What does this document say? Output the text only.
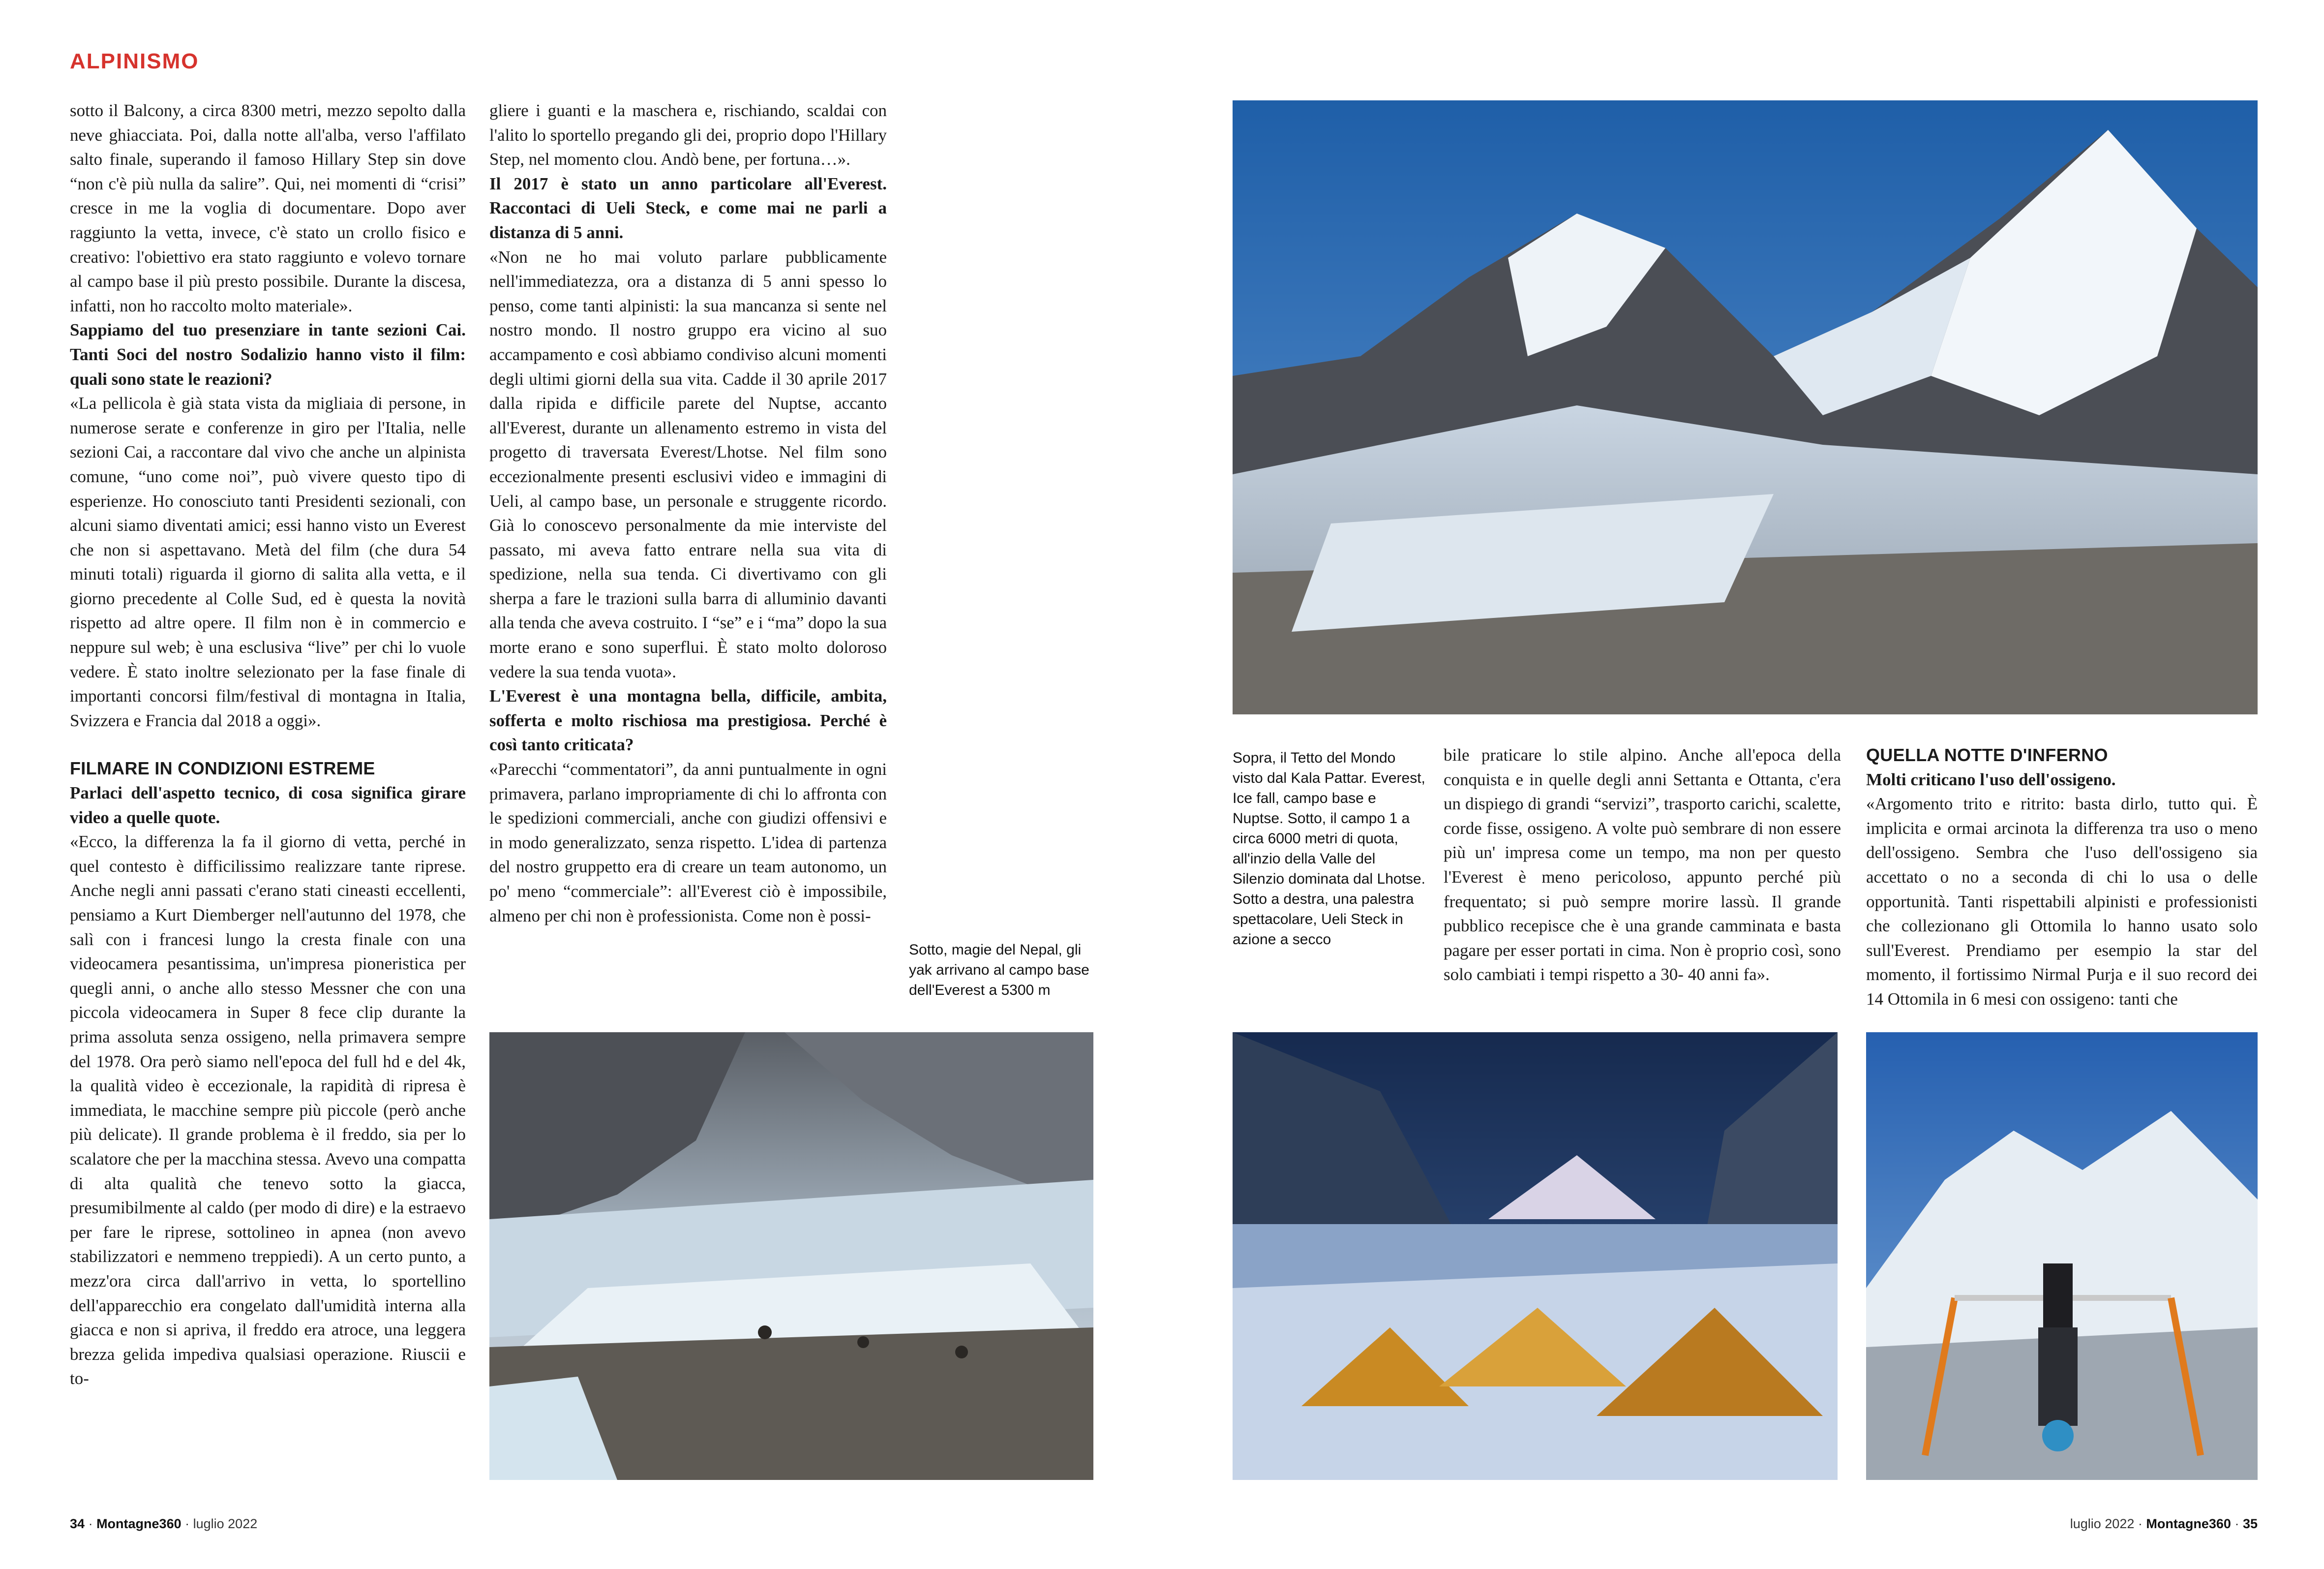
ALPINISMO

sotto il Balcony, a circa 8300 metri, mezzo sepolto dalla neve ghiacciata. Poi, dalla notte all'alba, verso l'affilato salto finale, superando il famoso Hillary Step sin dove “non c'è più nulla da salire”. Qui, nei momenti di “crisi” cresce in me la voglia di documentare. Dopo aver raggiunto la vetta, invece, c'è stato un crollo fisico e creativo: l'obiettivo era stato raggiunto e volevo tornare al campo base il più presto possibile. Durante la discesa, infatti, non ho raccolto molto materiale».

Sappiamo del tuo presenziare in tante sezioni Cai. Tanti Soci del nostro Sodalizio hanno visto il film: quali sono state le reazioni?

«La pellicola è già stata vista da migliaia di persone, in numerose serate e conferenze in giro per l'Italia, nelle sezioni Cai, a raccontare dal vivo che anche un alpinista comune, “uno come noi”, può vivere questo tipo di esperienze. Ho conosciuto tanti Presidenti sezionali, con alcuni siamo diventati amici; essi hanno visto un Everest che non si aspettavano. Metà del film (che dura 54 minuti totali) riguarda il giorno di salita alla vetta, e il giorno precedente al Colle Sud, ed è questa la novità rispetto ad altre opere. Il film non è in commercio e neppure sul web; è una esclusiva “live” per chi lo vuole vedere. È stato inoltre selezionato per la fase finale di importanti concorsi film/festival di montagna in Italia, Svizzera e Francia dal 2018 a oggi».

FILMARE IN CONDIZIONI ESTREME

Parlaci dell'aspetto tecnico, di cosa significa girare video a quelle quote.

«Ecco, la differenza la fa il giorno di vetta, perché in quel contesto è difficilissimo realizzare tante riprese. Anche negli anni passati c'erano stati cineasti eccellenti, pensiamo a Kurt Diemberger nell'autunno del 1978, che salì con i francesi lungo la cresta finale con una videocamera pesantissima, un'impresa pioneristica per quegli anni, o anche allo stesso Messner che con una piccola videocamera in Super 8 fece clip durante la prima assoluta senza ossigeno, nella primavera sempre del 1978. Ora però siamo nell'epoca del full hd e del 4k, la qualità video è eccezionale, la rapidità di ripresa è immediata, le macchine sempre più piccole (però anche più delicate). Il grande problema è il freddo, sia per lo scalatore che per la macchina stessa. Avevo una compatta di alta qualità che tenevo sotto la giacca, presumibilmente al caldo (per modo di dire) e la estraevo per fare le riprese, sottolineo in apnea (non avevo stabilizzatori e nemmeno treppiedi). A un certo punto, a mezz'ora circa dall'arrivo in vetta, lo sportellino dell'apparecchio era congelato dall'umidità interna alla giacca e non si apriva, il freddo era atroce, una leggera brezza gelida impediva qualsiasi operazione. Riuscii e to-

gliere i guanti e la maschera e, rischiando, scaldai con l'alito lo sportello pregando gli dei, proprio dopo l'Hillary Step, nel momento clou. Andò bene, per fortuna…».

Il 2017 è stato un anno particolare all'Everest. Raccontaci di Ueli Steck, e come mai ne parli a distanza di 5 anni.

«Non ne ho mai voluto parlare pubblicamente nell'immediatezza, ora a distanza di 5 anni spesso lo penso, come tanti alpinisti: la sua mancanza si sente nel nostro mondo. Il nostro gruppo era vicino al suo accampamento e così abbiamo condiviso alcuni momenti degli ultimi giorni della sua vita. Cadde il 30 aprile 2017 dalla ripida e difficile parete del Nuptse, accanto all'Everest, durante un allenamento estremo in vista del progetto di traversata Everest/Lhotse. Nel film sono eccezionalmente presenti esclusivi video e immagini di Ueli, al campo base, un personale e struggente ricordo. Già lo conoscevo personalmente da mie interviste del passato, mi aveva fatto entrare nella sua vita di spedizione, nella sua tenda. Ci divertivamo con gli sherpa a fare le trazioni sulla barra di alluminio davanti alla tenda che aveva costruito. I “se” e i “ma” dopo la sua morte erano e sono superflui. È stato molto doloroso vedere la sua tenda vuota».

L'Everest è una montagna bella, difficile, ambita, sofferta e molto rischiosa ma prestigiosa. Perché è così tanto criticata?

«Parecchi “commentatori”, da anni puntualmente in ogni primavera, parlano impropriamente di chi lo affronta con le spedizioni commerciali, anche con giudizi offensivi e in modo generalizzato, senza rispetto. L'idea di partenza del nostro gruppetto era di creare un team autonomo, un po' meno “commerciale”: all'Everest ciò è impossibile, almeno per chi non è professionista. Come non è possi-

Sotto, magie del Nepal, gli yak arrivano al campo base dell'Everest a 5300 m
Sopra, il Tetto del Mondo visto dal Kala Pattar. Everest, Ice fall, campo base e Nuptse. Sotto, il campo 1 a circa 6000 metri di quota, all'inzio della Valle del Silenzio dominata dal Lhotse. Sotto a destra, una palestra spettacolare, Ueli Steck in azione a secco

bile praticare lo stile alpino. Anche all'epoca della conquista e in quelle degli anni Settanta e Ottanta, c'era un dispiego di grandi “servizi”, trasporto carichi, scalette, corde fisse, ossigeno. A volte può sembrare di non essere più un' impresa come un tempo, ma non per questo l'Everest è meno pericoloso, appunto perché più frequentato; si può sempre morire lassù. Il grande pubblico recepisce che è una grande camminata e basta pagare per esser portati in cima. Non è proprio così, sono solo cambiati i tempi rispetto a 30- 40 anni fa».

QUELLA NOTTE D'INFERNO

Molti criticano l'uso dell'ossigeno.

«Argomento trito e ritrito: basta dirlo, tutto qui. È implicita e ormai arcinota la differenza tra uso o meno dell'ossigeno. Sembra che l'uso dell'ossigeno sia accettato o no a seconda di chi lo usa o delle opportunità. Tanti rispettabili alpinisti e professionisti che collezionano gli Ottomila lo hanno usato solo sull'Everest. Prendiamo per esempio la star del momento, il fortissimo Nirmal Purja e il suo record dei 14 Ottomila in 6 mesi con ossigeno: tanti che

34 · Montagne360 · luglio 2022	luglio 2022 · Montagne360 · 35
